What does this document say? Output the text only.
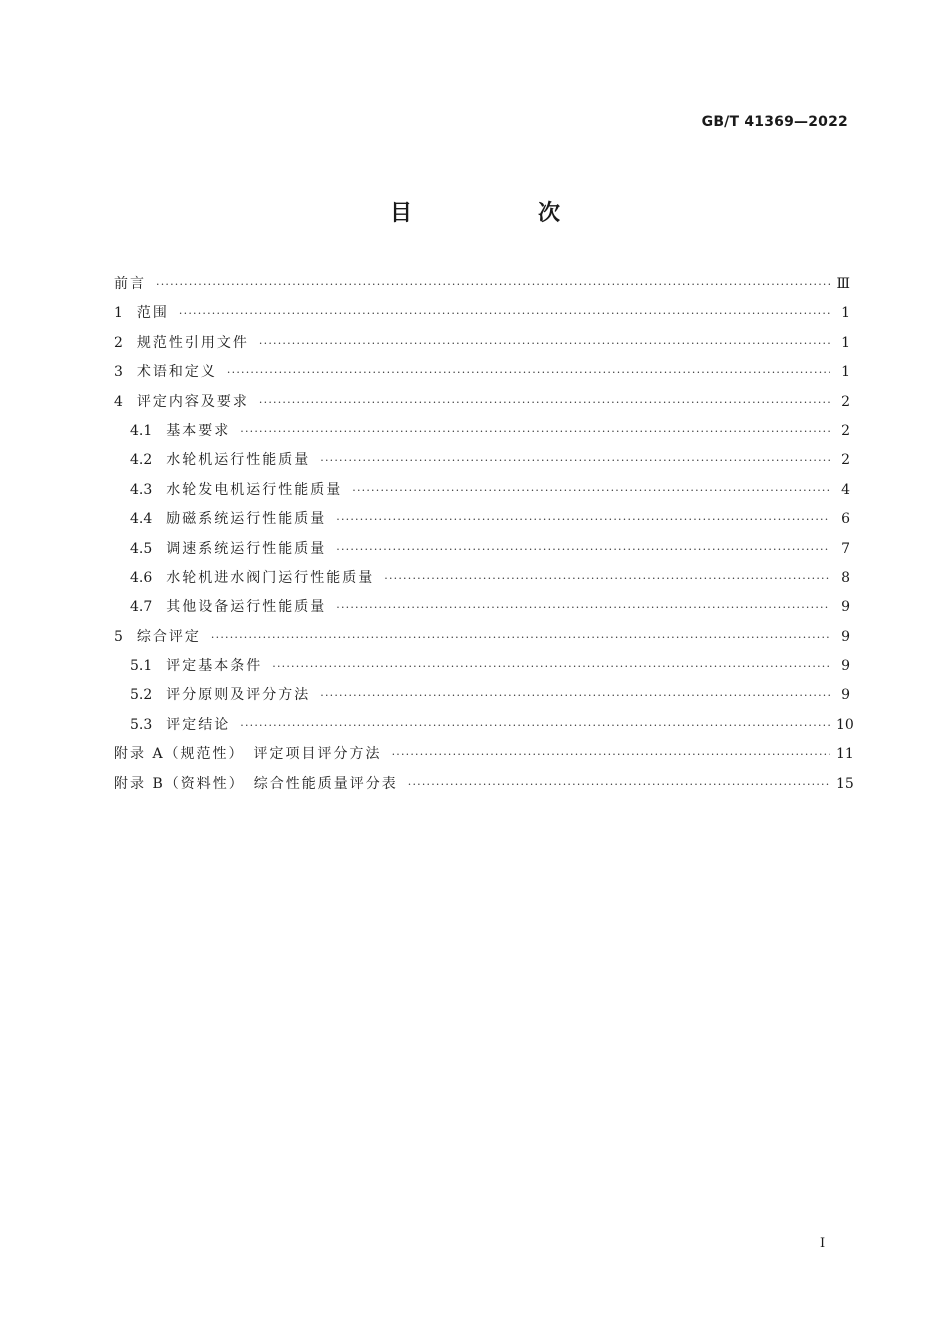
GB/T 41369—2022
目　次
前言 ·····	Ⅲ
1 范围 ·····	1
2 规范性引用文件 ·····	1
3 术语和定义 ·····	1
4 评定内容及要求 ·····	2
4.1 基本要求 ·····	2
4.2 水轮机运行性能质量 ·····	2
4.3 水轮发电机运行性能质量 ·····	4
4.4 励磁系统运行性能质量 ·····	6
4.5 调速系统运行性能质量 ·····	7
4.6 水轮机进水阀门运行性能质量 ·····	8
4.7 其他设备运行性能质量 ·····	9
5 综合评定 ·····	9
5.1 评定基本条件 ·····	9
5.2 评分原则及评分方法 ·····	9
5.3 评定结论 ·····	10
附录 A（规范性）　评定项目评分方法 ·····	11
附录 B（资料性）　综合性能质量评分表 ·····	15
I
